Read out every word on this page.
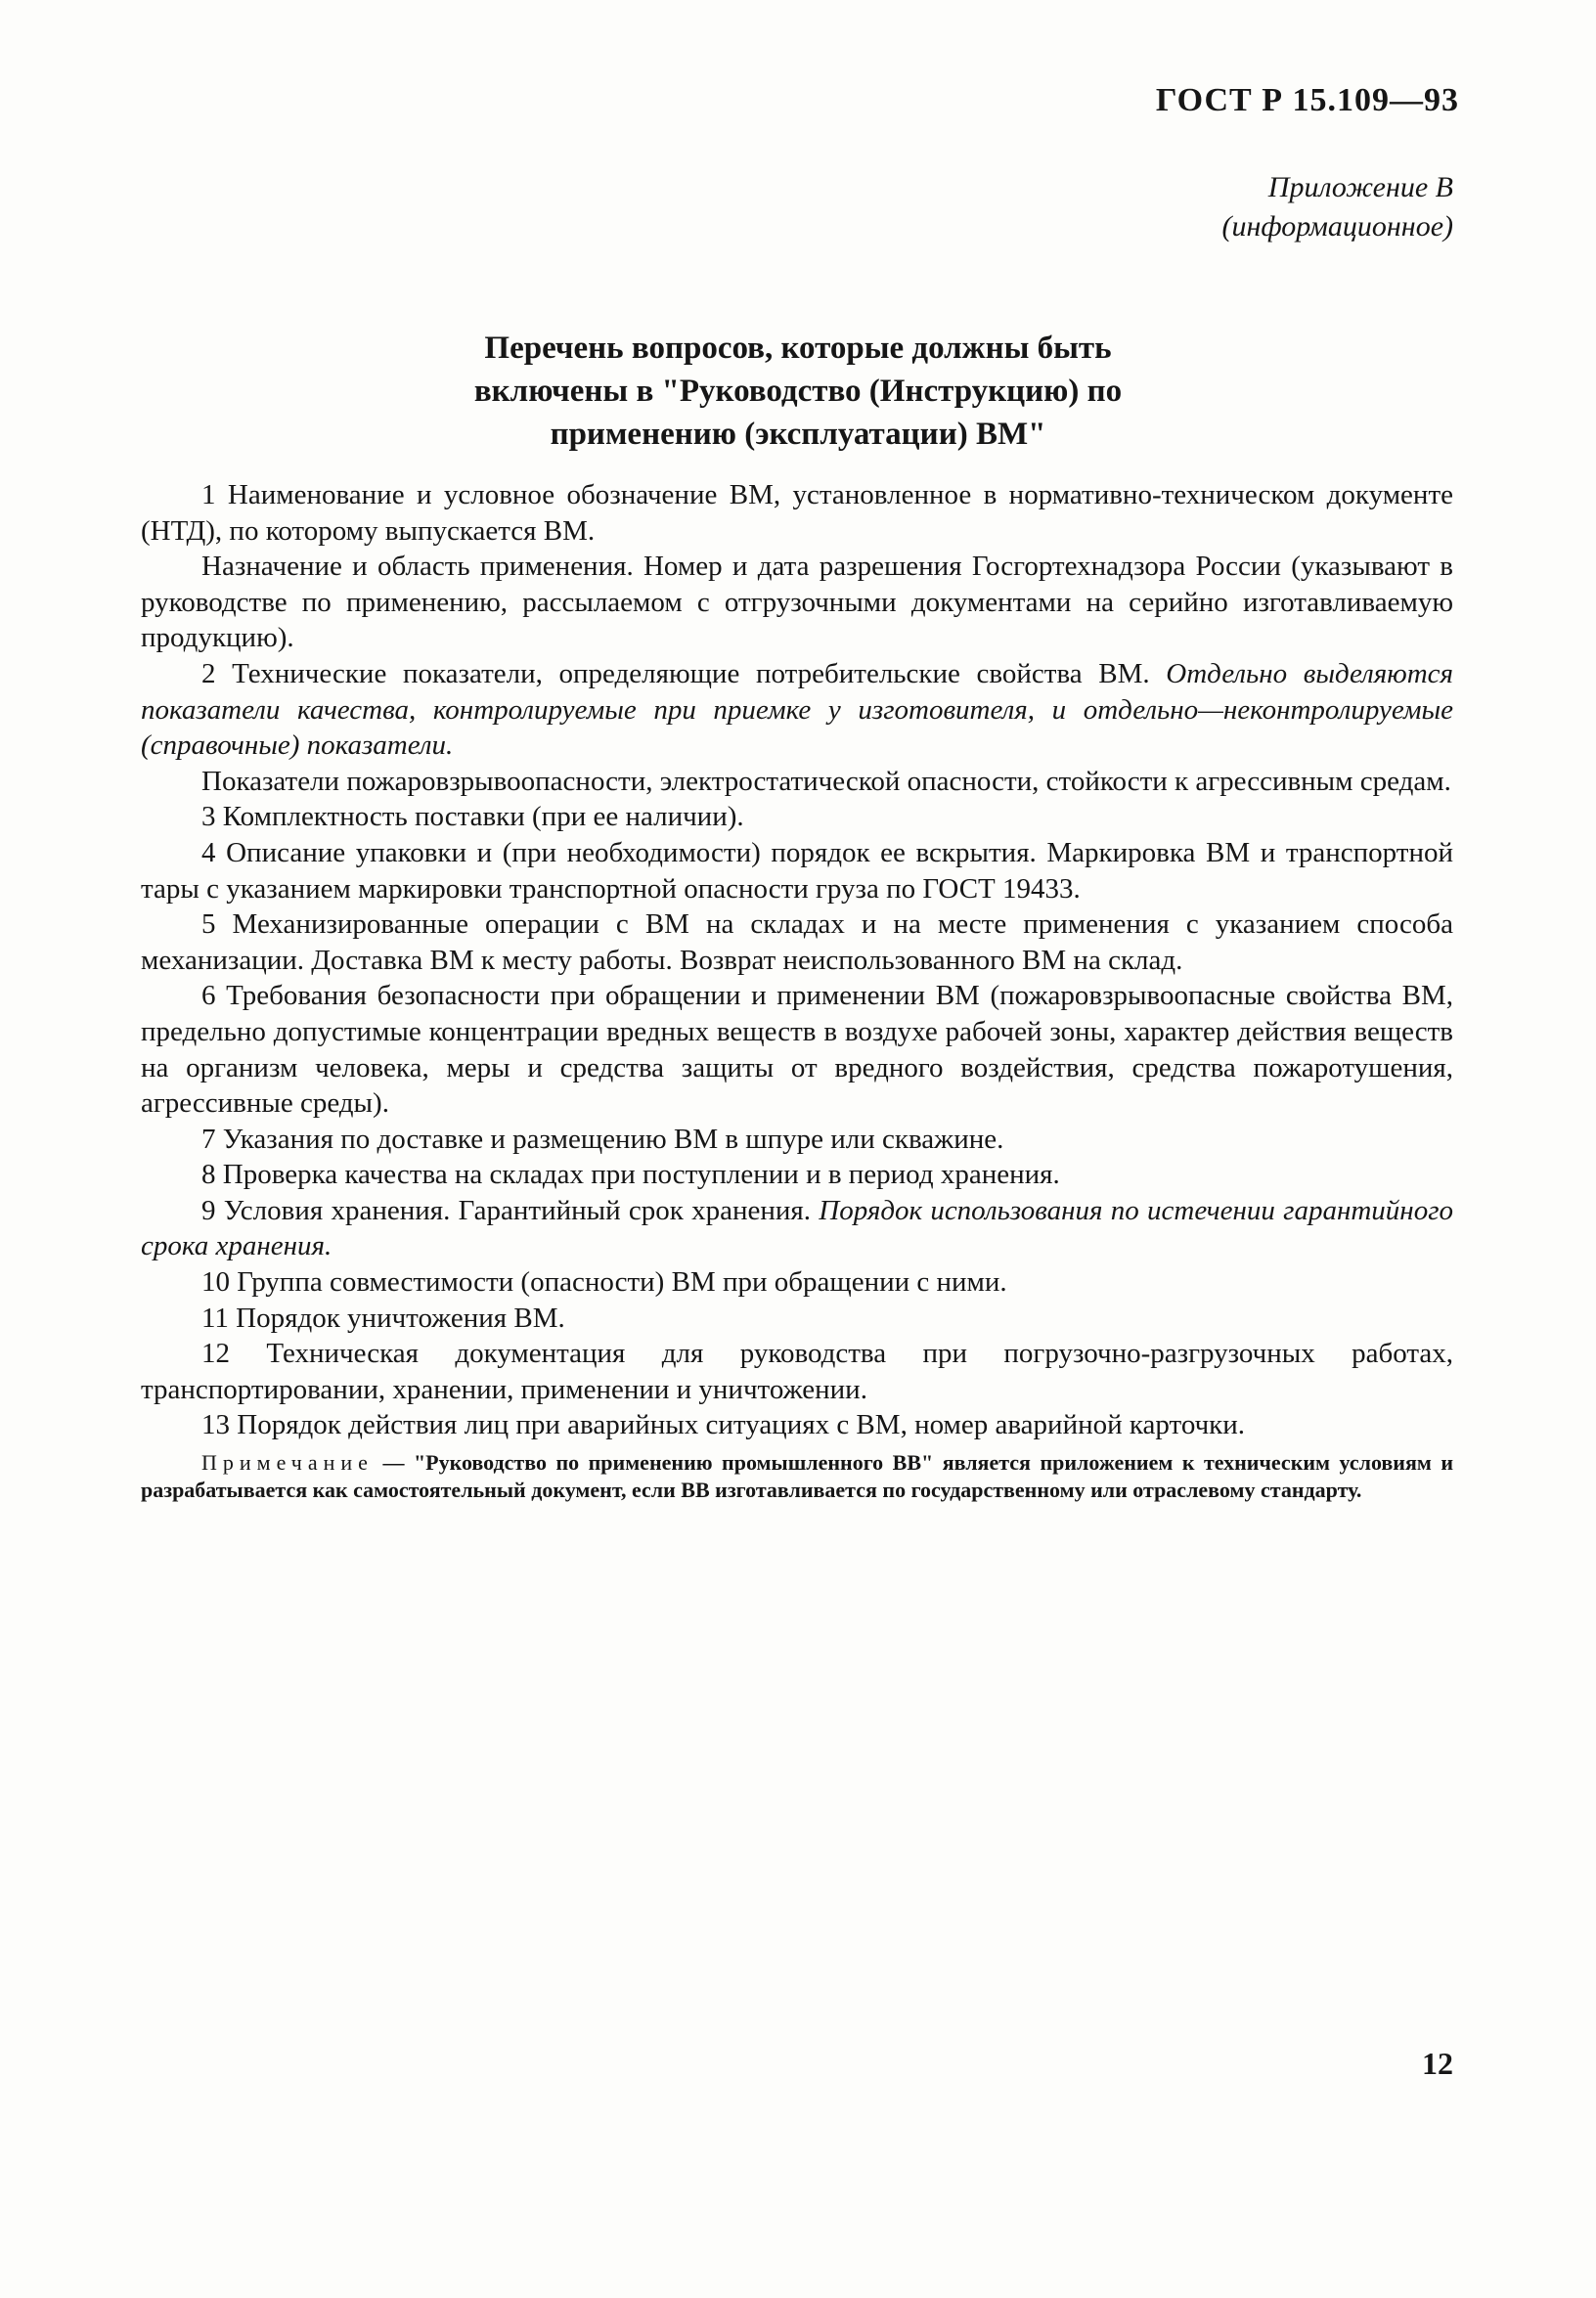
ГОСТ Р 15.109—93
Приложение В
(информационное)
Перечень вопросов, которые должны быть
включены в "Руководство (Инструкцию) по
применению (эксплуатации) ВМ"

1 Наименование и условное обозначение ВМ, установленное в нормативно-техническом документе (НТД), по которому выпускается ВМ.

Назначение и область применения. Номер и дата разрешения Госгортехнадзора России (указывают в руководстве по применению, рассылаемом с отгрузочными документами на серийно изготавливаемую продукцию).

2 Технические показатели, определяющие потребительские свойства ВМ. Отдельно выделяются показатели качества, контролируемые при приемке у изготовителя, и отдельно—неконтролируемые (справочные) показатели.

Показатели пожаровзрывоопасности, электростатической опасности, стойкости к агрессивным средам.

3 Комплектность поставки (при ее наличии).

4 Описание упаковки и (при необходимости) порядок ее вскрытия. Маркировка ВМ и транспортной тары с указанием маркировки транспортной опасности груза по ГОСТ 19433.

5 Механизированные операции с ВМ на складах и на месте применения с указанием способа механизации. Доставка ВМ к месту работы. Возврат неиспользованного ВМ на склад.

6 Требования безопасности при обращении и применении ВМ (пожаровзрывоопасные свойства ВМ, предельно допустимые концентрации вредных веществ в воздухе рабочей зоны, характер действия веществ на организм человека, меры и средства защиты от вредного воздействия, средства пожаротушения, агрессивные среды).

7 Указания по доставке и размещению ВМ в шпуре или скважине.

8 Проверка качества на складах при поступлении и в период хранения.

9 Условия хранения. Гарантийный срок хранения. Порядок использования по истечении гарантийного срока хранения.

10 Группа совместимости (опасности) ВМ при обращении с ними.

11 Порядок уничтожения ВМ.

12 Техническая документация для руководства при погрузочно-разгрузочных работах, транспортировании, хранении, применении и уничтожении.

13 Порядок действия лиц при аварийных ситуациях с ВМ, номер аварийной карточки.

Примечание — "Руководство по применению промышленного ВВ" является приложением к техническим условиям и разрабатывается как самостоятельный документ, если ВВ изготавливается по государственному или отраслевому стандарту.
12
